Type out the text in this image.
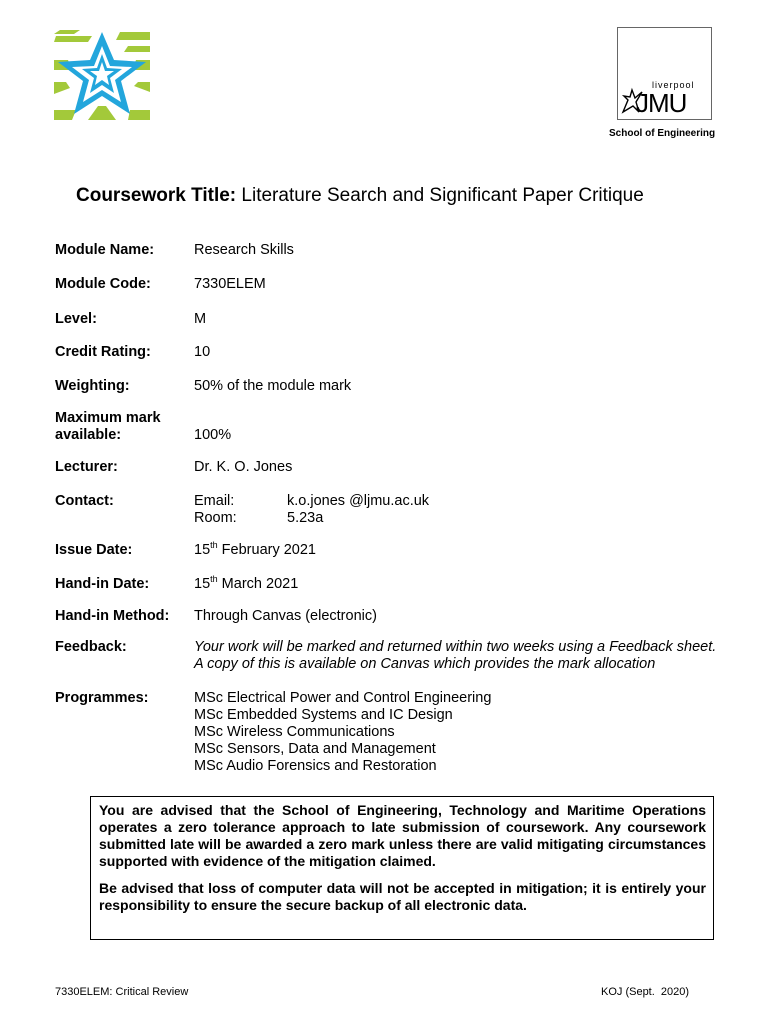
liverpool
JMU
School of Engineering
Coursework Title: Literature Search and Significant Paper Critique
Module Name:	Research Skills
Module Code:	7330ELEM
Level:	M
Credit Rating:	10
Weighting:	50% of the module mark
Maximum mark
available:	100%
Lecturer:	Dr. K. O. Jones
Contact:	Email:	k.o.jones @ljmu.ac.uk
Room:	5.23a
Issue Date:	15th February 2021
Hand-in Date:	15th March 2021
Hand-in Method:	Through Canvas (electronic)
Feedback:	Your work will be marked and returned within two weeks using a Feedback sheet. A copy of this is available on Canvas which provides the mark allocation
Programmes:	MSc Electrical Power and Control Engineering
MSc Embedded Systems and IC Design
MSc Wireless Communications
MSc Sensors, Data and Management
MSc Audio Forensics and Restoration

You are advised that the School of Engineering, Technology and Maritime Operations operates a zero tolerance approach to late submission of coursework. Any coursework submitted late will be awarded a zero mark unless there are valid mitigating circumstances supported with evidence of the mitigation claimed.

Be advised that loss of computer data will not be accepted in mitigation; it is entirely your responsibility to ensure the secure backup of all electronic data.

7330ELEM: Critical Review	KOJ (Sept.  2020)
